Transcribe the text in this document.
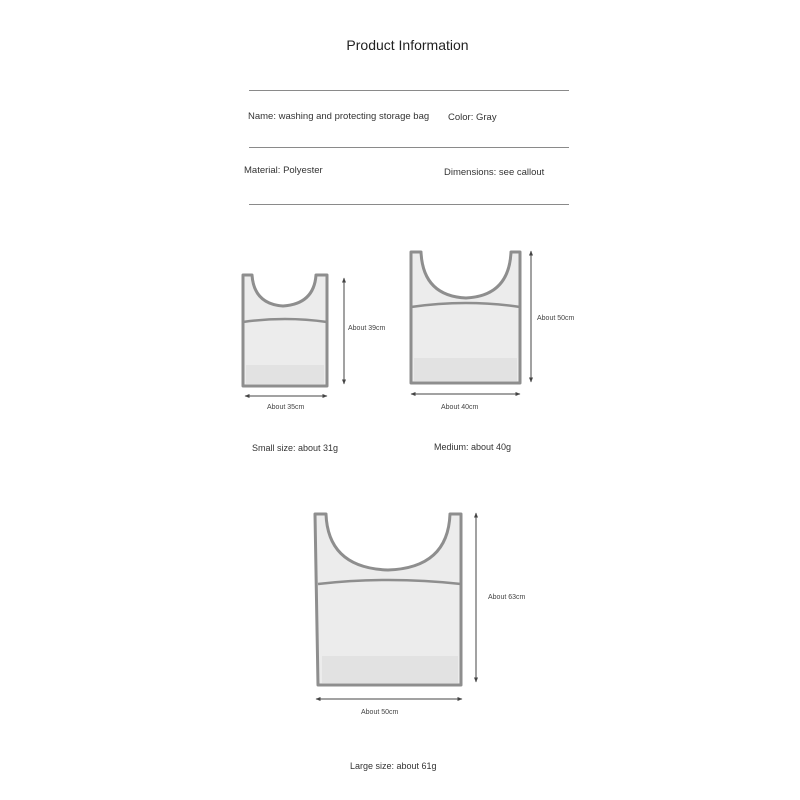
Product Information
Name: washing and protecting storage bag Color: Gray
Material: Polyester	Dimensions: see callout
About 39cm
About 35cm
Small size: about 31g
About 50cm
About 40cm
Medium: about 40g
About 63cm
About 50cm
Large size: about 61g
